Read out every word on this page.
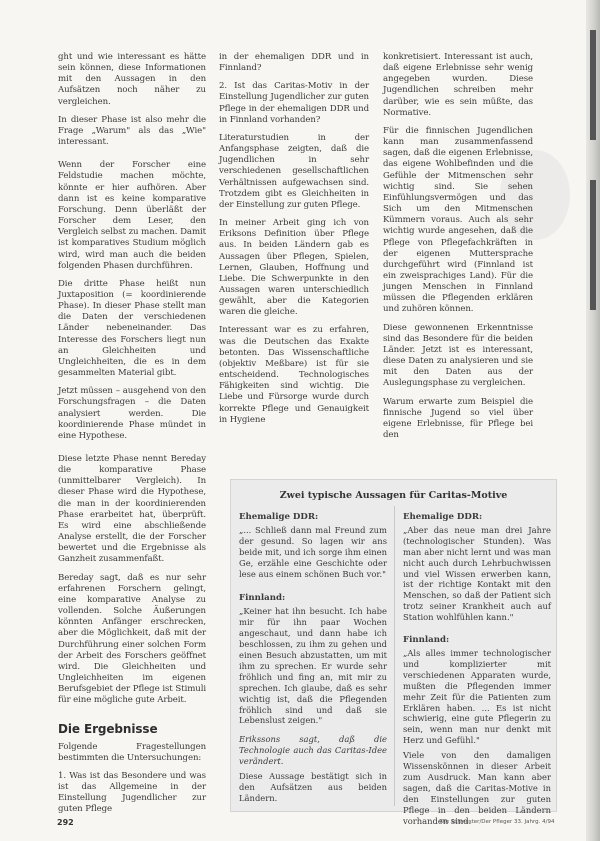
ght und wie interessant es hätte sein können, diese Informationen mit den Aussagen in den Aufsätzen noch näher zu vergleichen.

In dieser Phase ist also mehr die Frage „Warum" als das „Wie" interessant.

Wenn der Forscher eine Feldstudie machen möchte, könnte er hier aufhören. Aber dann ist es keine komparative Forschung. Denn überläßt der Forscher dem Leser, den Vergleich selbst zu machen. Damit ist komparatives Studium möglich wird, wird man auch die beiden folgenden Phasen durchführen.

Die dritte Phase heißt nun Juxtaposition (= koordinierende Phase). In dieser Phase stellt man die Daten der verschiedenen Länder nebeneinander. Das Interesse des Forschers liegt nun an Gleichheiten und Ungleichheiten, die es in dem gesammelten Material gibt.

Jetzt müssen – ausgehend von den Forschungsfragen – die Daten analysiert werden. Die koordinierende Phase mündet in eine Hypothese.

Diese letzte Phase nennt Bereday die komparative Phase (unmittelbarer Vergleich). In dieser Phase wird die Hypothese, die man in der koordinierenden Phase erarbeitet hat, überprüft. Es wird eine abschließende Analyse erstellt, die der Forscher bewertet und die Ergebnisse als Ganzheit zusammenfaßt.

Bereday sagt, daß es nur sehr erfahrenen Forschern gelingt, eine komparative Analyse zu vollenden. Solche Äußerungen könnten Anfänger erschrecken, aber die Möglichkeit, daß mit der Durchführung einer solchen Form der Arbeit des Forschers geöffnet wird. Die Gleichheiten und Ungleichheiten im eigenen Berufsgebiet der Pflege ist Stimuli für eine mögliche gute Arbeit.

Die Ergebnisse

Folgende Fragestellungen bestimmten die Untersuchungen:

1. Was ist das Besondere und was ist das Allgemeine in der Einstellung Jugendlicher zur guten Pflege

in der ehemaligen DDR und in Finnland?

2. Ist das Caritas-Motiv in der Einstellung Jugendlicher zur guten Pflege in der ehemaligen DDR und in Finnland vorhanden?

Literaturstudien in der Anfangsphase zeigten, daß die Jugendlichen in sehr verschiedenen gesellschaftlichen Verhältnissen aufgewachsen sind. Trotzdem gibt es Gleichheiten in der Einstellung zur guten Pflege.

In meiner Arbeit ging ich von Eriksons Definition über Pflege aus. In beiden Ländern gab es Aussagen über Pflegen, Spielen, Lernen, Glauben, Hoffnung und Liebe. Die Schwerpunkte in den Aussagen waren unterschiedlich gewählt, aber die Kategorien waren die gleiche.

Interessant war es zu erfahren, was die Deutschen das Exakte betonten. Das Wissenschaftliche (objektiv Meßbare) ist für sie entscheidend. Technologisches Fähigkeiten sind wichtig. Die Liebe und Fürsorge wurde durch korrekte Pflege und Genauigkeit in Hygiene

konkretisiert. Interessant ist auch, daß eigene Erlebnisse sehr wenig angegeben wurden. Diese Jugendlichen schreiben mehr darüber, wie es sein müßte, das Normative.

Für die finnischen Jugendlichen kann man zusammenfassend sagen, daß die eigenen Erlebnisse, das eigene Wohlbefinden und die Gefühle der Mitmenschen sehr wichtig sind. Sie sehen Einfühlungsvermögen und das Sich um den Mitmenschen Kümmern voraus. Auch als sehr wichtig wurde angesehen, daß die Pflege von Pflegefachkräften in der eigenen Muttersprache durchgeführt wird (Finnland ist ein zweisprachiges Land). Für die jungen Menschen in Finnland müssen die Pflegenden erklären und zuhören können.

Diese gewonnenen Erkenntnisse sind das Besondere für die beiden Länder. Jetzt ist es interessant, diese Daten zu analysieren und sie mit den Daten aus der Auslegungsphase zu vergleichen.

Warum erwarte zum Beispiel die finnische Jugend so viel über eigene Erlebnisse, für Pflege bei den

Zwei typische Aussagen für Caritas-Motive
Ehemalige DDR:

„... Schließ dann mal Freund zum der gesund. So lagen wir ans beide mit, und ich sorge ihm einen Ge, erzähle eine Geschichte oder lese aus einem schönen Buch vor."

Finnland:

„Keiner hat ihn besucht. Ich habe mir für ihn paar Wochen angeschaut, und dann habe ich beschlossen, zu ihm zu gehen und einen Besuch abzustatten, um mit ihm zu sprechen. Er wurde sehr fröhlich und fing an, mit mir zu sprechen. Ich glaube, daß es sehr wichtig ist, daß die Pflegenden fröhlich sind und daß sie Lebenslust zeigen."

Erikssons sagt, daß die Technologie auch das Caritas-Idee verändert.

Diese Aussage bestätigt sich in den Aufsätzen aus beiden Ländern.

Ehemalige DDR:

„Aber das neue man drei Jahre (technologischer Stunden). Was man aber nicht lernt und was man nicht auch durch Lehrbuchwissen und viel Wissen erwerben kann, ist der richtige Kontakt mit den Menschen, so daß der Patient sich trotz seiner Krankheit auch auf Station wohlfühlen kann."

Finnland:

„Als alles immer technologischer und komplizierter mit verschiedenen Apparaten wurde, mußten die Pflegenden immer mehr Zeit für die Patienten zum Erklären haben. ... Es ist nicht schwierig, eine gute Pflegerin zu sein, wenn man nur denkt mit Herz und Gefühl."

Viele von den damaligen Wissenskönnen in dieser Arbeit zum Ausdruck. Man kann aber sagen, daß die Caritas-Motive in den Einstellungen zur guten Pflege in den beiden Ländern vorhanden sind.

292	Die Schwester/Der Pfleger 33. Jahrg. 4/94
